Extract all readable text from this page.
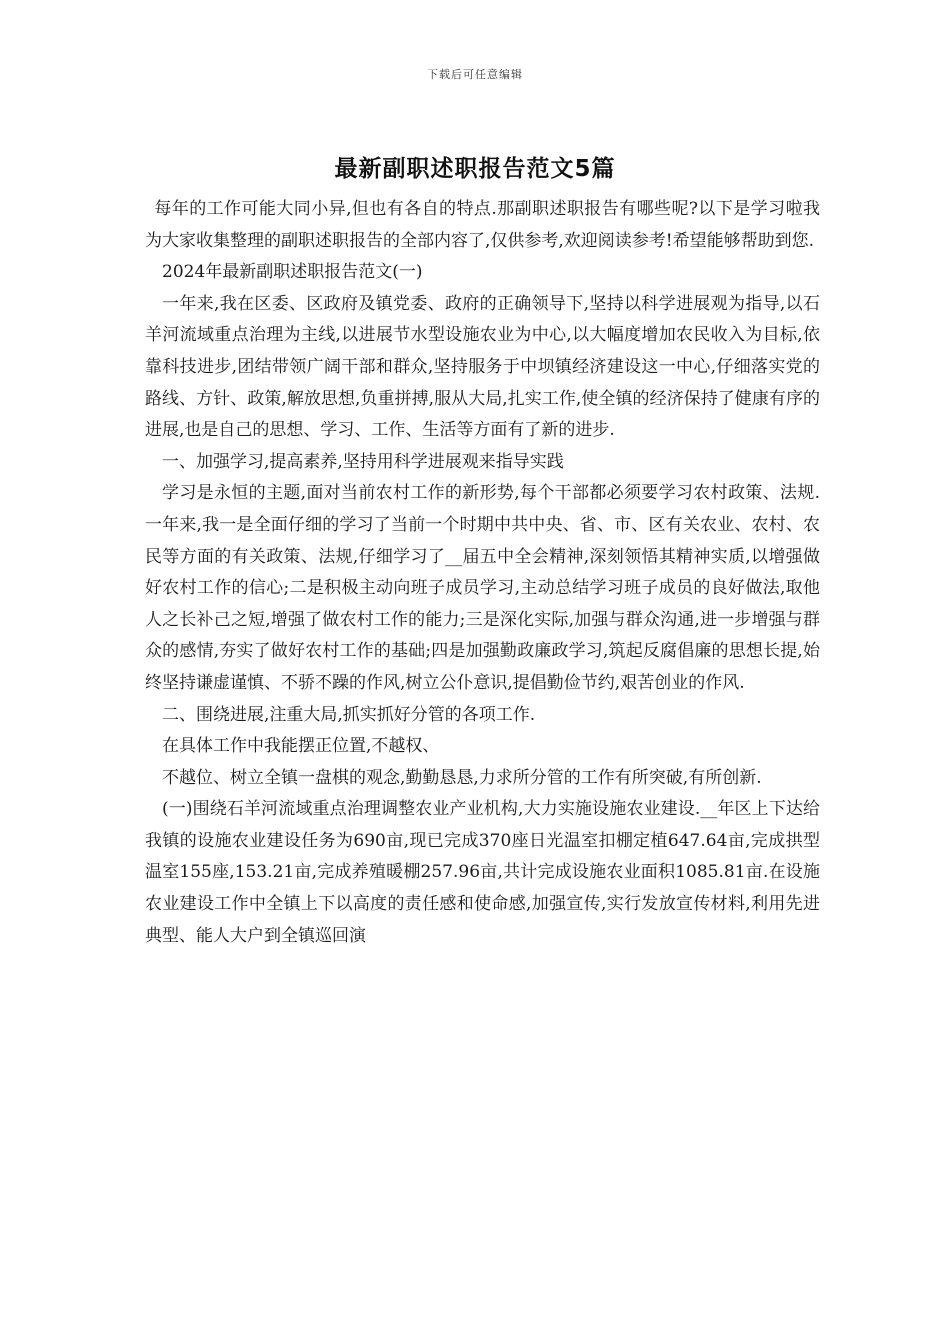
下载后可任意编辑
最新副职述职报告范文5篇

每年的工作可能大同小异,但也有各自的特点.那副职述职报告有哪些呢?以下是学习啦我为大家收集整理的副职述职报告的全部内容了,仅供参考,欢迎阅读参考!希望能够帮助到您.

2024年最新副职述职报告范文(一)

一年来,我在区委、区政府及镇党委、政府的正确领导下,坚持以科学进展观为指导,以石羊河流域重点治理为主线,以进展节水型设施农业为中心,以大幅度增加农民收入为目标,依靠科技进步,团结带领广阔干部和群众,坚持服务于中坝镇经济建设这一中心,仔细落实党的路线、方针、政策,解放思想,负重拼搏,服从大局,扎实工作,使全镇的经济保持了健康有序的进展,也是自己的思想、学习、工作、生活等方面有了新的进步.

一、加强学习,提高素养,坚持用科学进展观来指导实践

学习是永恒的主题,面对当前农村工作的新形势,每个干部都必须要学习农村政策、法规.一年来,我一是全面仔细的学习了当前一个时期中共中央、省、市、区有关农业、农村、农民等方面的有关政策、法规,仔细学习了__届五中全会精神,深刻领悟其精神实质,以增强做好农村工作的信心;二是积极主动向班子成员学习,主动总结学习班子成员的良好做法,取他人之长补己之短,增强了做农村工作的能力;三是深化实际,加强与群众沟通,进一步增强与群众的感情,夯实了做好农村工作的基础;四是加强勤政廉政学习,筑起反腐倡廉的思想长提,始终坚持谦虚谨慎、不骄不躁的作风,树立公仆意识,提倡勤俭节约,艰苦创业的作风.

二、围绕进展,注重大局,抓实抓好分管的各项工作.

在具体工作中我能摆正位置,不越权、

不越位、树立全镇一盘棋的观念,勤勤恳恳,力求所分管的工作有所突破,有所创新.

(一)围绕石羊河流域重点治理调整农业产业机构,大力实施设施农业建设.__年区上下达给我镇的设施农业建设任务为690亩,现已完成370座日光温室扣棚定植647.64亩,完成拱型温室155座,153.21亩,完成养殖暖棚257.96亩,共计完成设施农业面积1085.81亩.在设施农业建设工作中全镇上下以高度的责任感和使命感,加强宣传,实行发放宣传材料,利用先进典型、能人大户到全镇巡回演
